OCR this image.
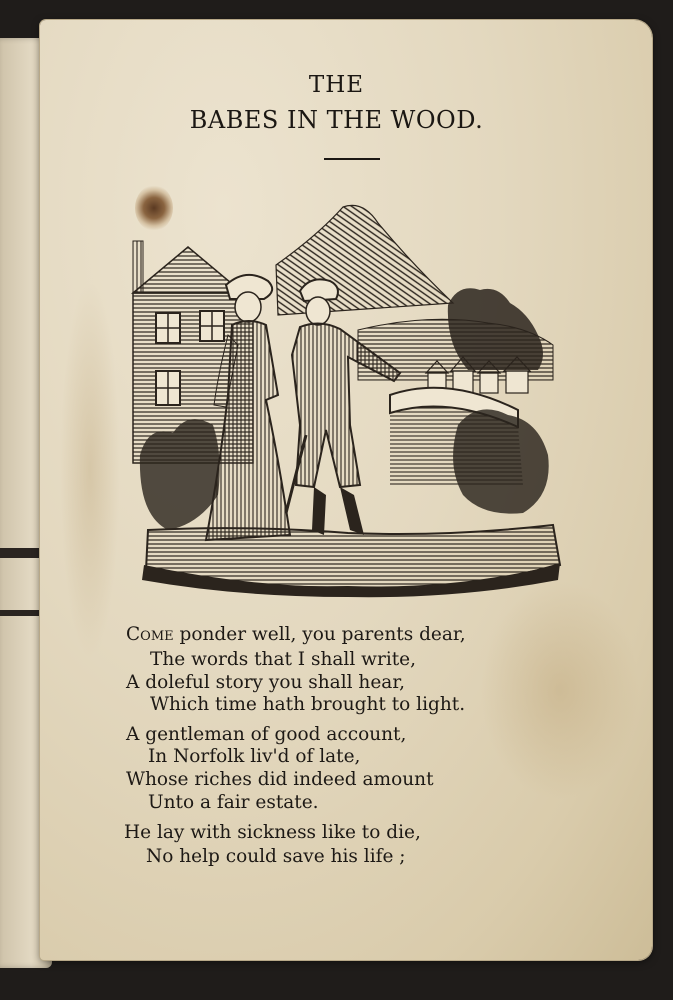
THE
BABES IN THE WOOD.
Come ponder well, you parents dear,
The words that I shall write,
A doleful story you shall hear,
Which time hath brought to light.
A gentleman of good account,
In Norfolk liv'd of late,
Whose riches did indeed amount
Unto a fair estate.
He lay with sickness like to die,
No help could save his life ;
